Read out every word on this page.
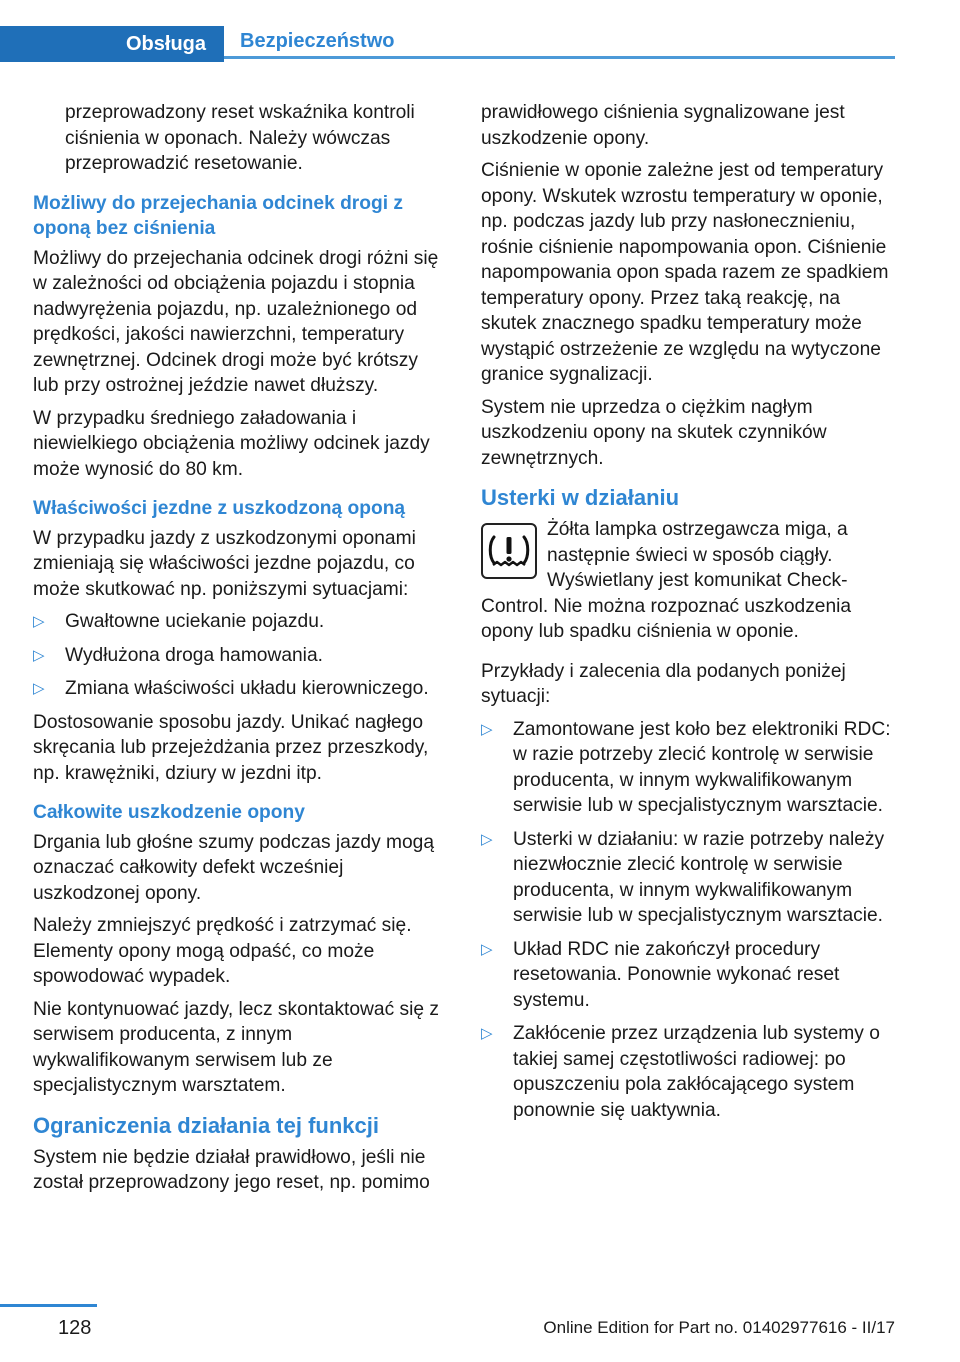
Obsługa	Bezpieczeństwo

przeprowadzony reset wskaźnika kontroli ciśnienia w oponach. Należy wówczas przeprowadzić resetowanie.

Możliwy do przejechania odcinek drogi z oponą bez ciśnienia

Możliwy do przejechania odcinek drogi różni się w zależności od obciążenia pojazdu i stopnia nadwyrężenia pojazdu, np. uzależnionego od prędkości, jakości nawierzchni, temperatury zewnętrznej. Odcinek drogi może być krótszy lub przy ostrożnej jeździe nawet dłuższy.

W przypadku średniego załadowania i niewielkiego obciążenia możliwy odcinek jazdy może wynosić do 80 km.

Właściwości jezdne z uszkodzoną oponą

W przypadku jazdy z uszkodzonymi oponami zmieniają się właściwości jezdne pojazdu, co może skutkować np. poniższymi sytuacjami:

▷ Gwałtowne uciekanie pojazdu.
▷ Wydłużona droga hamowania.
▷ Zmiana właściwości układu kierowniczego.

Dostosowanie sposobu jazdy. Unikać nagłego skręcania lub przejeżdżania przez przeszkody, np. krawężniki, dziury w jezdni itp.

Całkowite uszkodzenie opony

Drgania lub głośne szumy podczas jazdy mogą oznaczać całkowity defekt wcześniej uszkodzonej opony.

Należy zmniejszyć prędkość i zatrzymać się. Elementy opony mogą odpaść, co może spowodować wypadek.

Nie kontynuować jazdy, lecz skontaktować się z serwisem producenta, z innym wykwalifikowanym serwisem lub ze specjalistycznym warsztatem.

Ograniczenia działania tej funkcji

System nie będzie działał prawidłowo, jeśli nie został przeprowadzony jego reset, np. pomimo

prawidłowego ciśnienia sygnalizowane jest uszkodzenie opony.

Ciśnienie w oponie zależne jest od temperatury opony. Wskutek wzrostu temperatury w oponie, np. podczas jazdy lub przy nasłonecznieniu, rośnie ciśnienie napompowania opon. Ciśnienie napompowania opon spada razem ze spadkiem temperatury opony. Przez taką reakcję, na skutek znacznego spadku temperatury może wystąpić ostrzeżenie ze względu na wytyczone granice sygnalizacji.

System nie uprzedza o ciężkim nagłym uszkodzeniu opony na skutek czynników zewnętrznych.

Usterki w działaniu

Żółta lampka ostrzegawcza miga, a następnie świeci w sposób ciągły. Wyświetlany jest komunikat Check-Control. Nie można rozpoznać uszkodzenia opony lub spadku ciśnienia w oponie.

Przykłady i zalecenia dla podanych poniżej sytuacji:

▷ Zamontowane jest koło bez elektroniki RDC: w razie potrzeby zlecić kontrolę w serwisie producenta, w innym wykwalifikowanym serwisie lub w specjalistycznym warsztacie.
▷ Usterki w działaniu: w razie potrzeby należy niezwłocznie zlecić kontrolę w serwisie producenta, w innym wykwalifikowanym serwisie lub w specjalistycznym warsztacie.
▷ Układ RDC nie zakończył procedury resetowania. Ponownie wykonać reset systemu.
▷ Zakłócenie przez urządzenia lub systemy o takiej samej częstotliwości radiowej: po opuszczeniu pola zakłócającego system ponownie się uaktywnia.
128	Online Edition for Part no. 01402977616 - II/17
